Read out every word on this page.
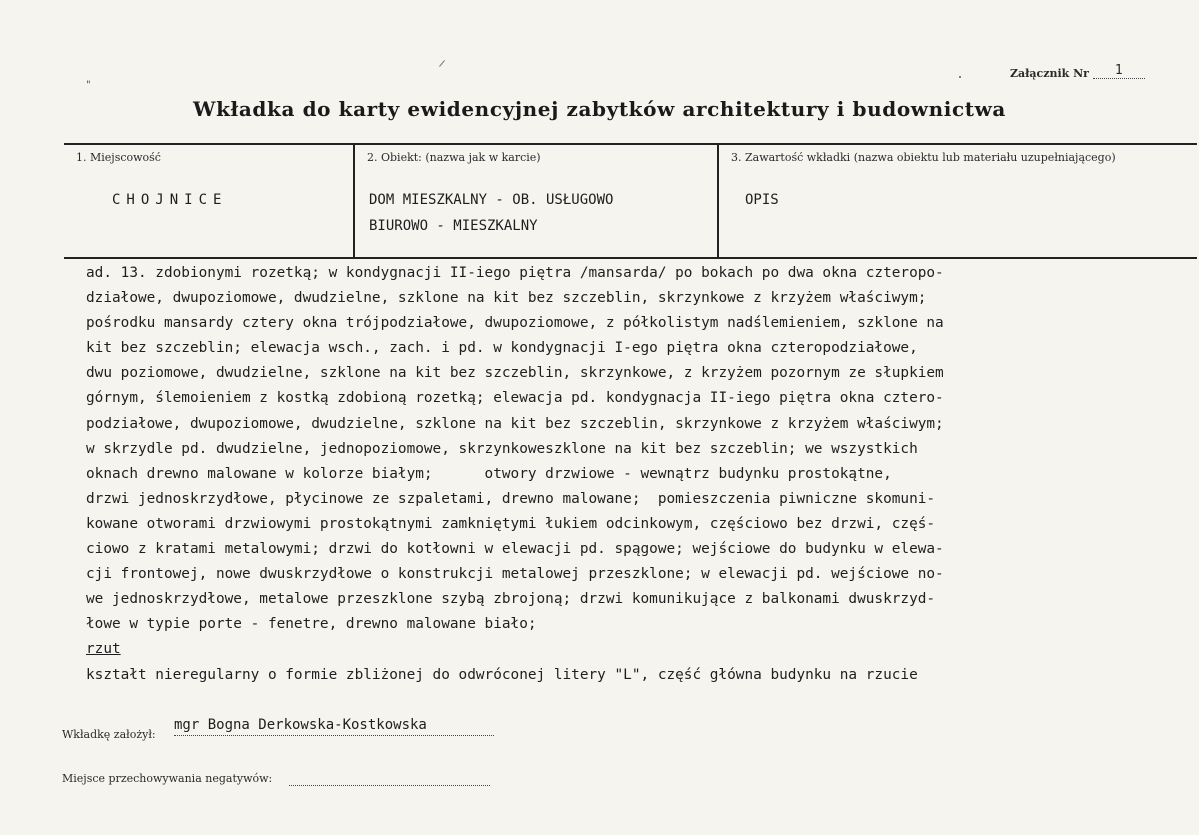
Załącznik Nr 1
"
Wkładka do karty ewidencyjnej zabytków architektury i budownictwa
1. Miejscowość
CHOJNICE
2. Obiekt: (nazwa jak w karcie)
DOM MIESZKALNY - OB. USŁUGOWO
BIUROWO - MIESZKALNY
3. Zawartość wkładki (nazwa obiektu lub materiału uzupełniającego)
OPIS
ad. 13. zdobionymi rozetką; w kondygnacji II-iego piętra /mansarda/ po bokach po dwa okna czteropo-
działowe, dwupoziomowe, dwudzielne, szklone na kit bez szczeblin, skrzynkowe z krzyżem właściwym;
pośrodku mansardy cztery okna trójpodziałowe, dwupoziomowe, z półkolistym nadślemieniem, szklone na
kit bez szczeblin; elewacja wsch., zach. i pd. w kondygnacji I-ego piętra okna czteropodziałowe,
dwu poziomowe, dwudzielne, szklone na kit bez szczeblin, skrzynkowe, z krzyżem pozornym ze słupkiem
górnym, ślemoieniem z kostką zdobioną rozetką; elewacja pd. kondygnacja II-iego piętra okna cztero-
podziałowe, dwupoziomowe, dwudzielne, szklone na kit bez szczeblin, skrzynkowe z krzyżem właściwym;
w skrzydle pd. dwudzielne, jednopoziomowe, skrzynkoweszklone na kit bez szczeblin; we wszystkich
oknach drewno malowane w kolorze białym;      otwory drzwiowe - wewnątrz budynku prostokątne,
drzwi jednoskrzydłowe, płycinowe ze szpaletami, drewno malowane;  pomieszczenia piwniczne skomuni-
kowane otworami drzwiowymi prostokątnymi zamkniętymi łukiem odcinkowym, częściowo bez drzwi, częś-
ciowo z kratami metalowymi; drzwi do kotłowni w elewacji pd. spągowe; wejściowe do budynku w elewa-
cji frontowej, nowe dwuskrzydłowe o konstrukcji metalowej przeszklone; w elewacji pd. wejściowe no-
we jednoskrzydłowe, metalowe przeszklone szybą zbrojoną; drzwi komunikujące z balkonami dwuskrzyd-
łowe w typie porte - fenetre, drewno malowane biało;
rzut
kształt nieregularny o formie zbliżonej do odwróconej litery "L", część główna budynku na rzucie
Wkładkę założył:
mgr Bogna Derkowska-Kostkowska
Miejsce przechowywania negatywów:
